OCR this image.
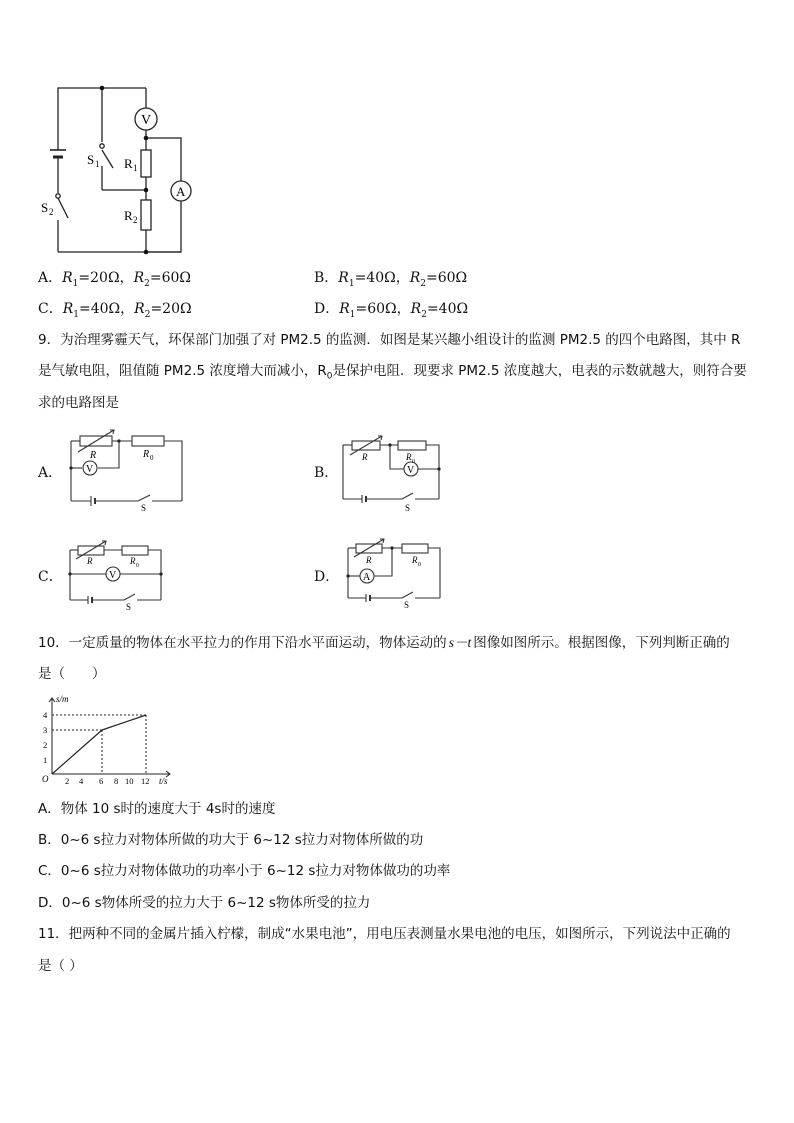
V
A
S 1 R 1
S 2	R 2
A．$R_1=20\Omega$，$R_2=60\Omega$	B．$R_1=40\Omega$，$R_2=60\Omega$
C．$R_1=40\Omega$，$R_2=20\Omega$	D．$R_1=60\Omega$，$R_2=40\Omega$
9．为治理雾霾天气，环保部门加强了对 PM2.5 的监测．如图是某兴趣小组设计的监测 PM2.5 的四个电路图，其中 R
是气敏电阻，阻值随 PM2.5 浓度增大而减小，$R_0$是保护电阻．现要求 PM2.5 浓度越大，电表的示数就越大，则符合要
求的电路图是
A．	B．
C．	D．
R	R 0
V
S
R	R 0
V
S
R	R 0
V
S
R	R 0
A
S
10．一定质量的物体在水平拉力的作用下沿水平面运动，物体运动的 s－t 图像如图所示。根据图像，下列判断正确的
是（　　）
s/m
t/s
O 2 4 6 8 10 12
1
2
3
4
A．物体 10 s时的速度大于 4s时的速度
B．0~6 s拉力对物体所做的功大于 6~12 s拉力对物体所做的功
C．0~6 s拉力对物体做功的功率小于 6~12 s拉力对物体做功的功率
D．0~6 s物体所受的拉力大于 6~12 s物体所受的拉力
11．把两种不同的金属片插入柠檬，制成“水果电池”，用电压表测量水果电池的电压，如图所示，下列说法中正确的
是（ ）
